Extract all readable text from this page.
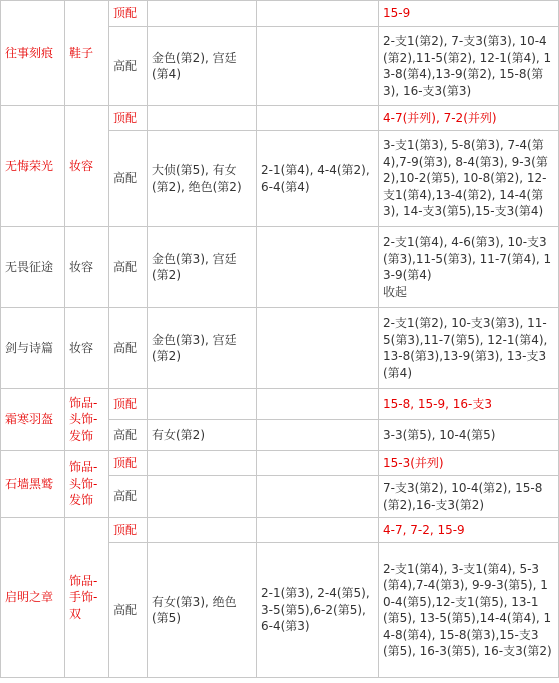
往事刻痕	鞋子	顶配			15-9
		高配	金色(第2), 宫廷(第4)		2-支1(第2), 7-支3(第3), 10-4(第2),11-5(第2), 12-1(第4), 13-8(第4),13-9(第2), 15-8(第3), 16-支3(第3)
无悔荣光	妆容	顶配			4-7(并列), 7-2(并列)
		高配	大侦(第5), 有女(第2), 绝色(第2)	2-1(第4), 4-4(第2), 6-4(第4)	3-支1(第3), 5-8(第3), 7-4(第4),7-9(第3), 8-4(第3), 9-3(第2),10-2(第5), 10-8(第2), 12-支1(第4),13-4(第2), 14-4(第3), 14-支3(第5),15-支3(第4)
无畏征途	妆容	高配	金色(第3), 宫廷(第2)		2-支1(第4), 4-6(第3), 10-支3(第3),11-5(第3), 11-7(第4), 13-9(第4)
收起
剑与诗篇	妆容	高配	金色(第3), 宫廷(第2)		2-支1(第2), 10-支3(第3), 11-5(第3),11-7(第5), 12-1(第4), 13-8(第3),13-9(第3), 13-支3(第4)
霜寒羽盔	饰品-头饰-发饰	顶配			15-8, 15-9, 16-支3
		高配	有女(第2)		3-3(第5), 10-4(第5)
石墙黑鹫	饰品-头饰-发饰	顶配			15-3(并列)
		高配			7-支3(第2), 10-4(第2), 15-8(第2),16-支3(第2)
启明之章	饰品-手饰-双	顶配			4-7, 7-2, 15-9
		高配	有女(第3), 绝色(第5)	2-1(第3), 2-4(第5), 3-5(第5),6-2(第5), 6-4(第3)	2-支1(第4), 3-支1(第4), 5-3(第4),7-4(第3), 9-9-3(第5), 10-4(第5),12-支1(第5), 13-1(第5), 13-5(第5),14-4(第4), 14-8(第4), 15-8(第3),15-支3(第5), 16-3(第5), 16-支3(第2)
